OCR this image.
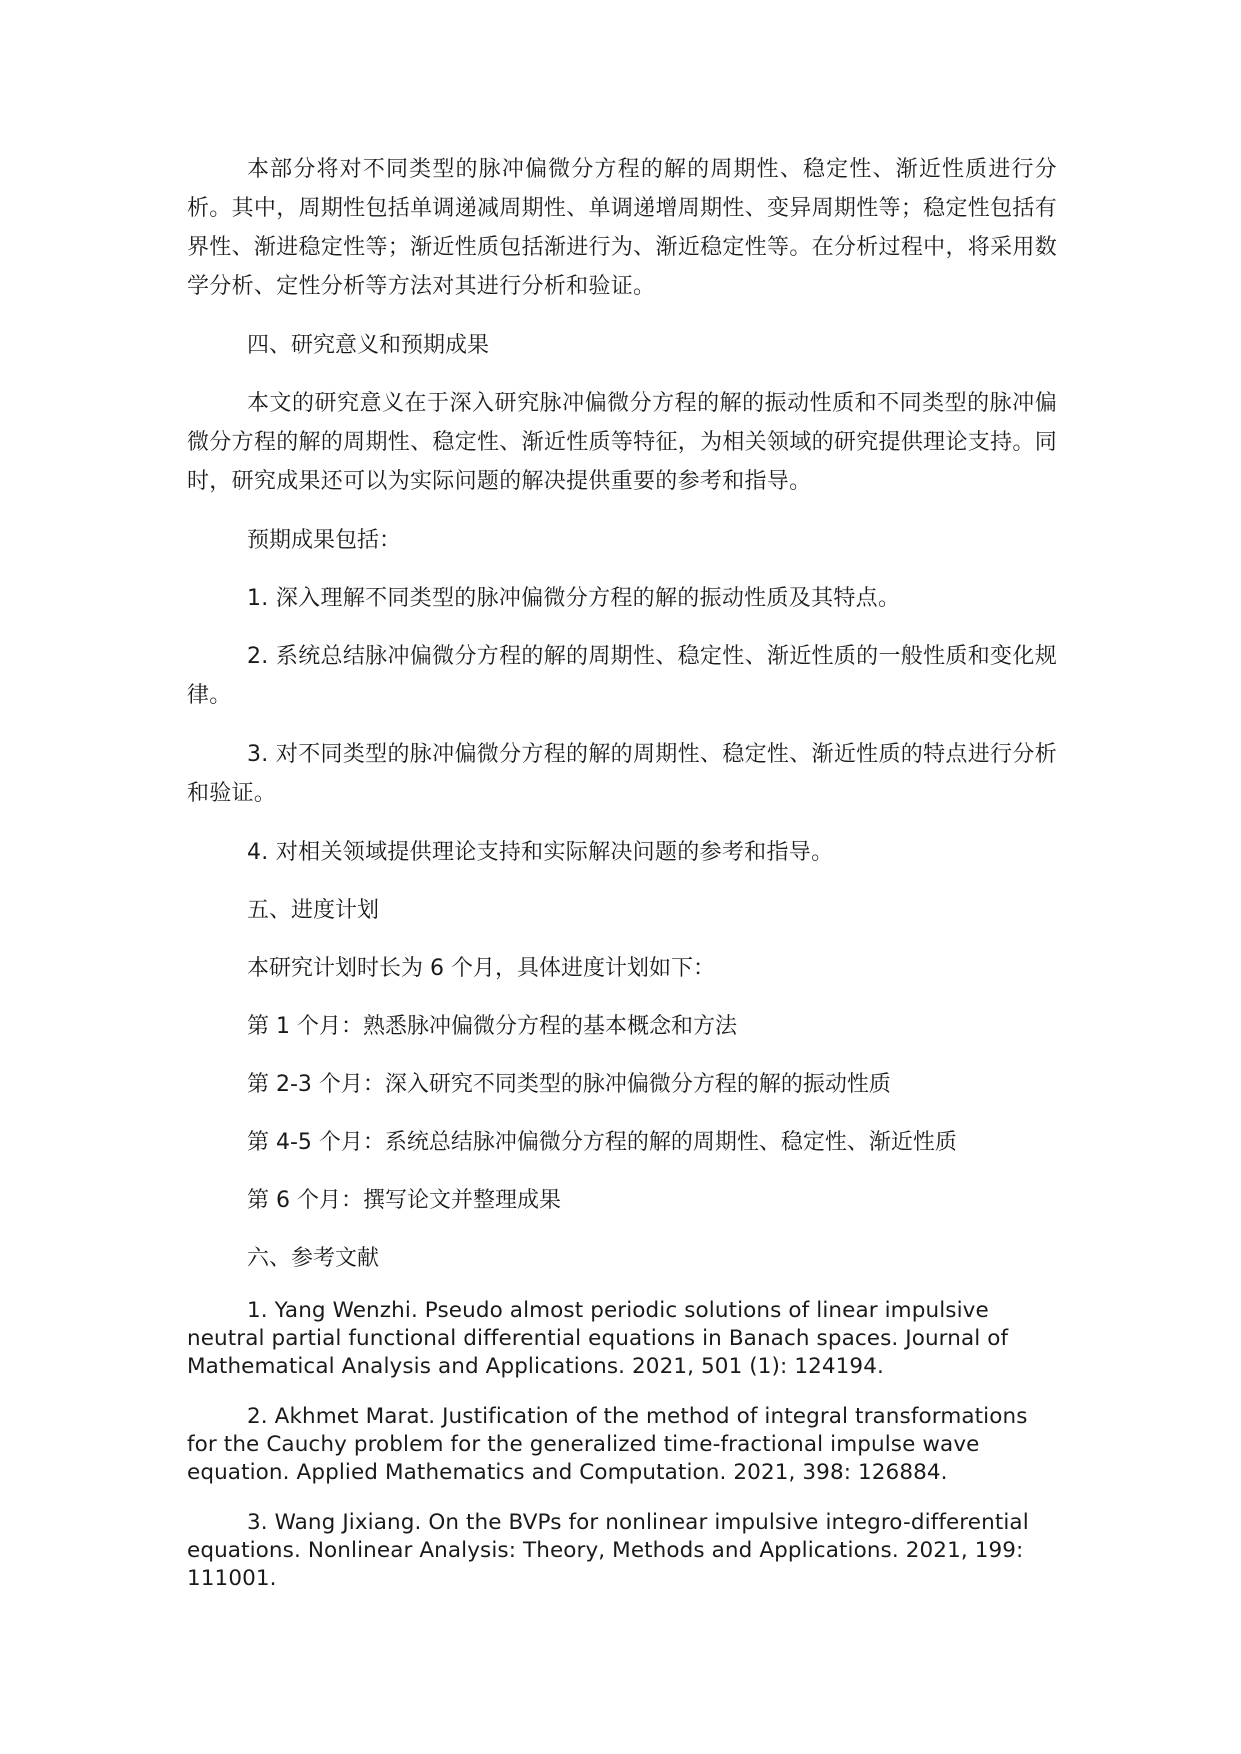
本部分将对不同类型的脉冲偏微分方程的解的周期性、稳定性、渐近性质进行分析。其中，周期性包括单调递减周期性、单调递增周期性、变异周期性等；稳定性包括有界性、渐进稳定性等；渐近性质包括渐进行为、渐近稳定性等。在分析过程中，将采用数学分析、定性分析等方法对其进行分析和验证。

四、研究意义和预期成果

本文的研究意义在于深入研究脉冲偏微分方程的解的振动性质和不同类型的脉冲偏微分方程的解的周期性、稳定性、渐近性质等特征，为相关领域的研究提供理论支持。同时，研究成果还可以为实际问题的解决提供重要的参考和指导。

预期成果包括：

1. 深入理解不同类型的脉冲偏微分方程的解的振动性质及其特点。

2. 系统总结脉冲偏微分方程的解的周期性、稳定性、渐近性质的一般性质和变化规律。

3. 对不同类型的脉冲偏微分方程的解的周期性、稳定性、渐近性质的特点进行分析和验证。

4. 对相关领域提供理论支持和实际解决问题的参考和指导。

五、进度计划

本研究计划时长为 6 个月，具体进度计划如下：

第 1 个月：熟悉脉冲偏微分方程的基本概念和方法

第 2-3 个月：深入研究不同类型的脉冲偏微分方程的解的振动性质

第 4-5 个月：系统总结脉冲偏微分方程的解的周期性、稳定性、渐近性质

第 6 个月：撰写论文并整理成果

六、参考文献

1. Yang Wenzhi. Pseudo almost periodic solutions of linear impulsive neutral partial functional differential equations in Banach spaces. Journal of Mathematical Analysis and Applications. 2021, 501 (1): 124194.

2. Akhmet Marat. Justification of the method of integral transformations for the Cauchy problem for the generalized time-fractional impulse wave equation. Applied Mathematics and Computation. 2021, 398: 126884.

3. Wang Jixiang. On the BVPs for nonlinear impulsive integro-differential equations. Nonlinear Analysis: Theory, Methods and Applications. 2021, 199: 111001.
